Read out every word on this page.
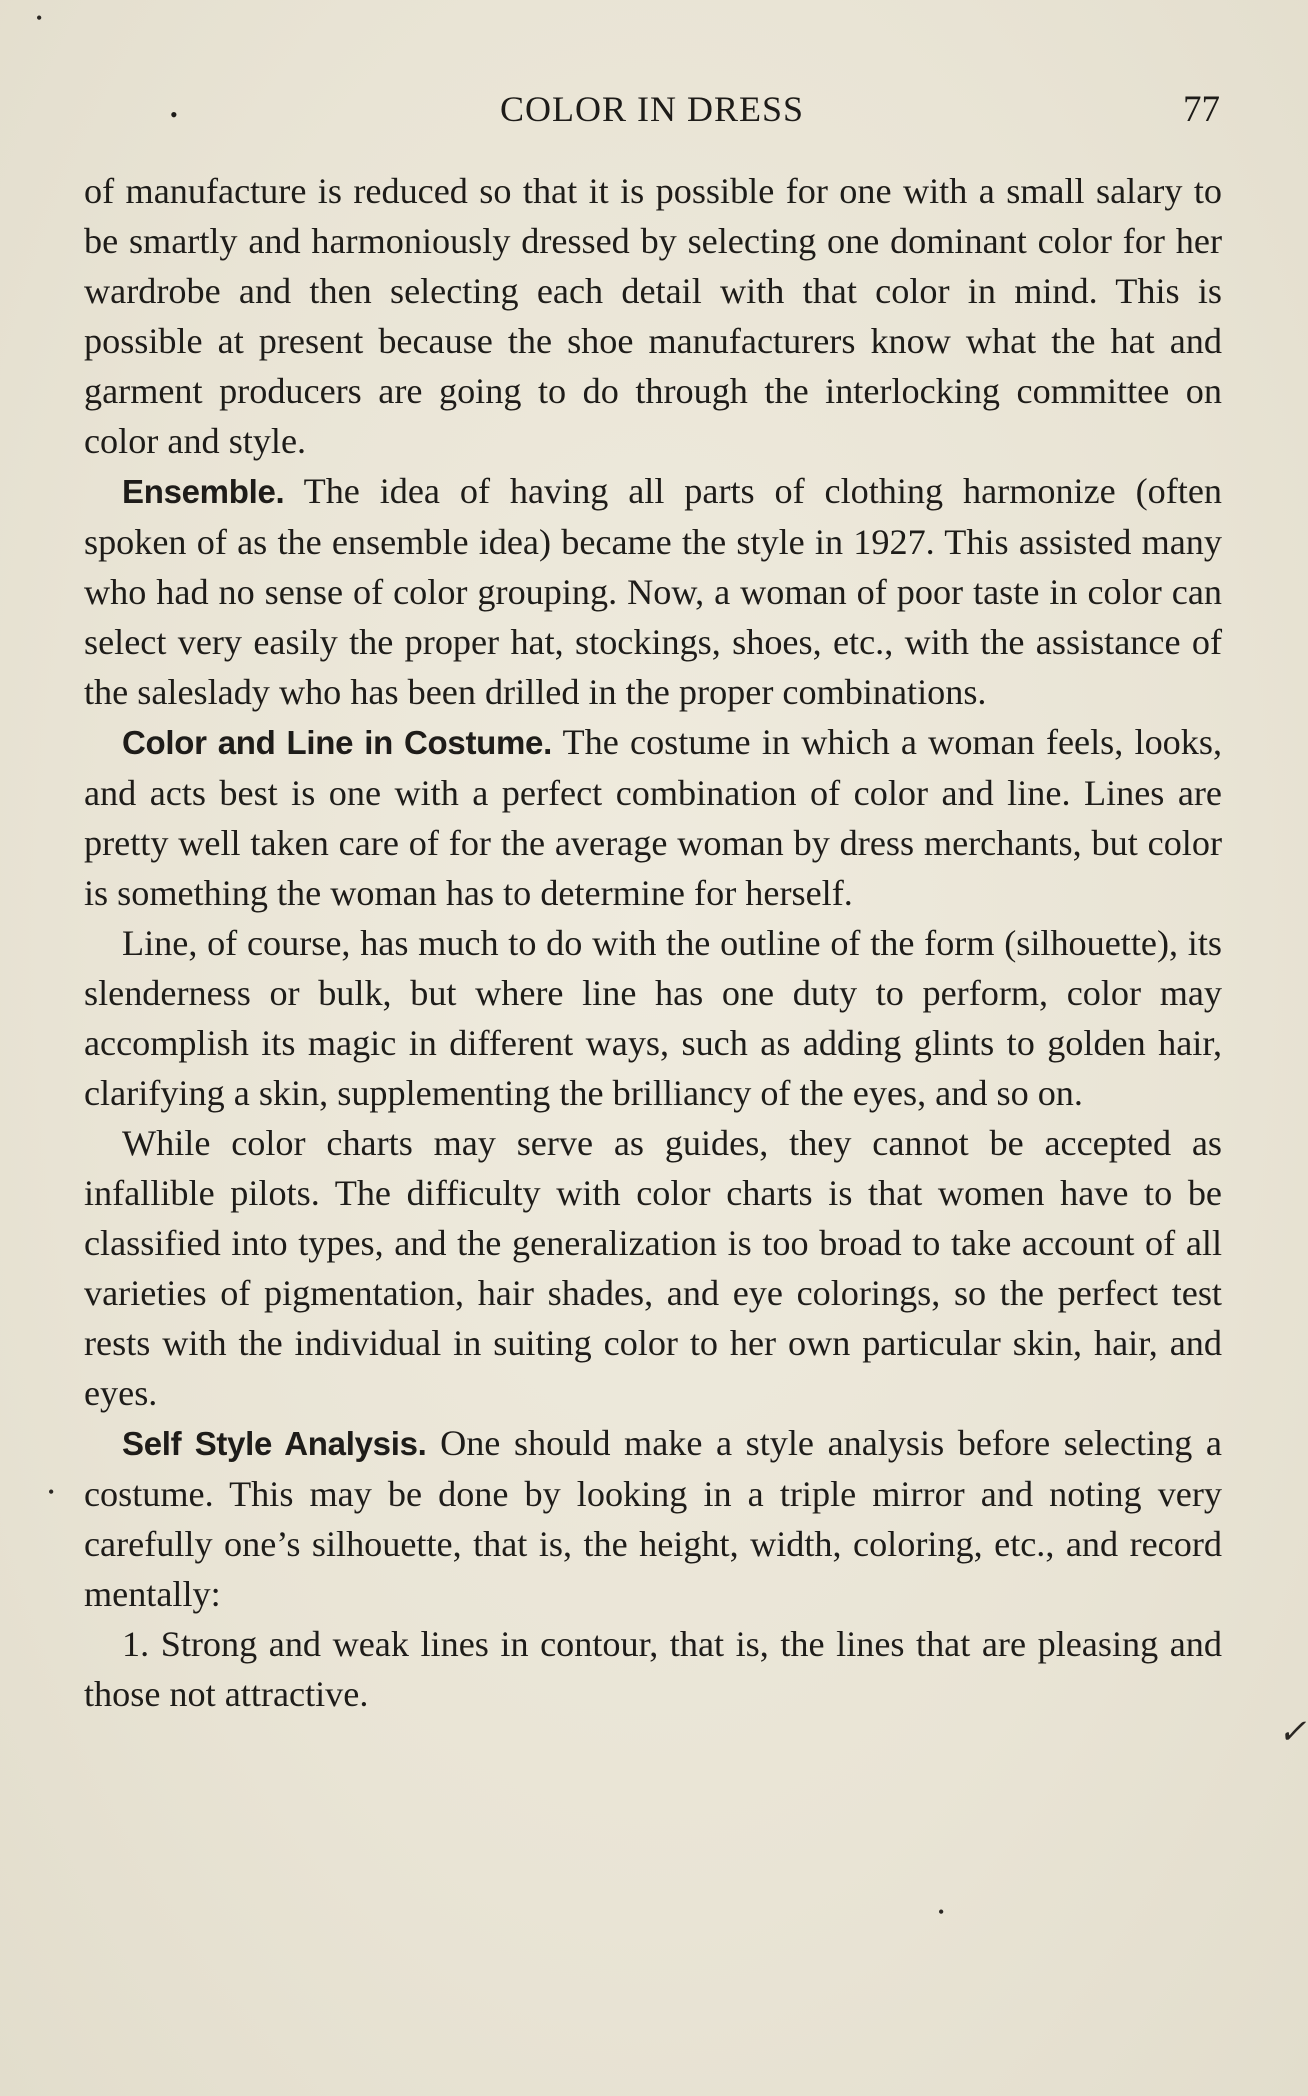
•	COLOR IN DRESS	77

of manufacture is reduced so that it is possible for one with a small salary to be smartly and harmoniously dressed by selecting one dominant color for her wardrobe and then selecting each detail with that color in mind. This is possible at present because the shoe manufacturers know what the hat and garment producers are going to do through the interlocking committee on color and style.

Ensemble. The idea of having all parts of clothing harmonize (often spoken of as the ensemble idea) became the style in 1927. This assisted many who had no sense of color grouping. Now, a woman of poor taste in color can select very easily the proper hat, stockings, shoes, etc., with the assistance of the saleslady who has been drilled in the proper combinations.

Color and Line in Costume. The costume in which a woman feels, looks, and acts best is one with a perfect combination of color and line. Lines are pretty well taken care of for the average woman by dress merchants, but color is something the woman has to determine for herself.

Line, of course, has much to do with the outline of the form (silhouette), its slenderness or bulk, but where line has one duty to perform, color may accomplish its magic in different ways, such as adding glints to golden hair, clarifying a skin, supplementing the brilliancy of the eyes, and so on.

While color charts may serve as guides, they cannot be accepted as infallible pilots. The difficulty with color charts is that women have to be classified into types, and the generalization is too broad to take account of all varieties of pigmentation, hair shades, and eye colorings, so the perfect test rests with the individual in suiting color to her own particular skin, hair, and eyes.

Self Style Analysis. One should make a style analysis before selecting a costume. This may be done by looking in a triple mirror and noting very carefully one’s silhouette, that is, the height, width, coloring, etc., and record mentally:

1. Strong and weak lines in contour, that is, the lines that are pleasing and those not attractive.

✓
•
•
•
